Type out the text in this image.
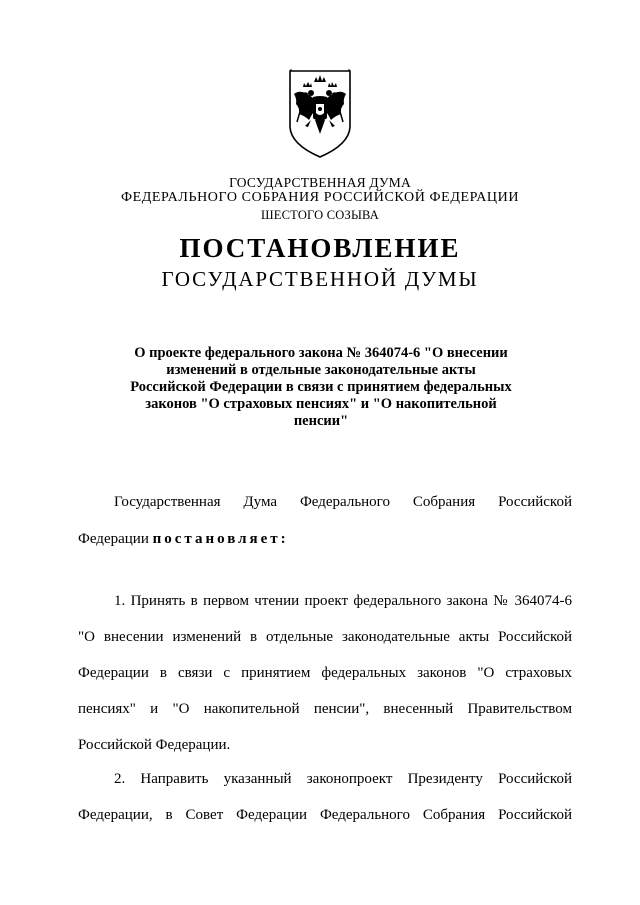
ГОСУДАРСТВЕННАЯ ДУМА
ФЕДЕРАЛЬНОГО СОБРАНИЯ РОССИЙСКОЙ ФЕДЕРАЦИИ
ШЕСТОГО СОЗЫВА
ПОСТАНОВЛЕНИЕ
ГОСУДАРСТВЕННОЙ ДУМЫ
О проекте федерального закона № 364074-6 "О внесении
изменений в отдельные законодательные акты
Российской Федерации в связи с принятием федеральных
законов "О страховых пенсиях" и "О накопительной
пенсии"
Государственная Дума Федерального Собрания Российской
Федерации постановляет:
1. Принять в первом чтении проект федерального закона № 364074-6
"О внесении изменений в отдельные законодательные акты Российской
Федерации в связи с принятием федеральных законов "О страховых
пенсиях" и "О накопительной пенсии", внесенный Правительством
Российской Федерации.
2. Направить указанный законопроект Президенту Российской
Федерации, в Совет Федерации Федерального Собрания Российской
